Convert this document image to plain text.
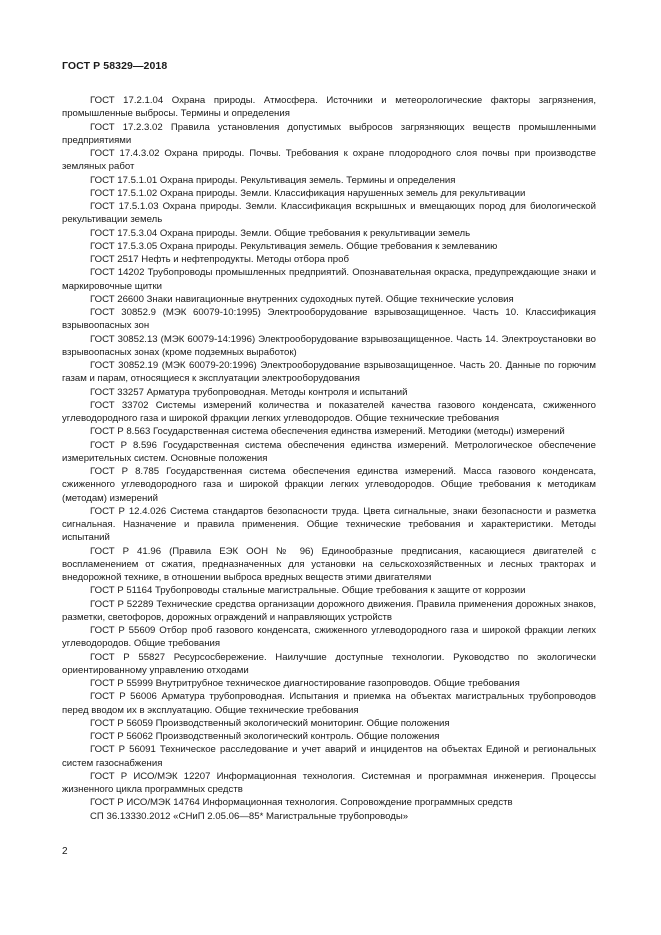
ГОСТ Р 58329—2018

ГОСТ 17.2.1.04 Охрана природы. Атмосфера. Источники и метеорологические факторы загрязнения, промышленные выбросы. Термины и определения

ГОСТ 17.2.3.02 Правила установления допустимых выбросов загрязняющих веществ промышленными предприятиями

ГОСТ 17.4.3.02 Охрана природы. Почвы. Требования к охране плодородного слоя почвы при производстве земляных работ

ГОСТ 17.5.1.01 Охрана природы. Рекультивация земель. Термины и определения

ГОСТ 17.5.1.02 Охрана природы. Земли. Классификация нарушенных земель для рекультивации

ГОСТ 17.5.1.03 Охрана природы. Земли. Классификация вскрышных и вмещающих пород для биологической рекультивации земель

ГОСТ 17.5.3.04 Охрана природы. Земли. Общие требования к рекультивации земель

ГОСТ 17.5.3.05 Охрана природы. Рекультивация земель. Общие требования к землеванию

ГОСТ 2517 Нефть и нефтепродукты. Методы отбора проб

ГОСТ 14202 Трубопроводы промышленных предприятий. Опознавательная окраска, предупреждающие знаки и маркировочные щитки

ГОСТ 26600 Знаки навигационные внутренних судоходных путей. Общие технические условия

ГОСТ 30852.9 (МЭК 60079-10:1995) Электрооборудование взрывозащищенное. Часть 10. Классификация взрывоопасных зон

ГОСТ 30852.13 (МЭК 60079-14:1996) Электрооборудование взрывозащищенное. Часть 14. Электроустановки во взрывоопасных зонах (кроме подземных выработок)

ГОСТ 30852.19 (МЭК 60079-20:1996) Электрооборудование взрывозащищенное. Часть 20. Данные по горючим газам и парам, относящиеся к эксплуатации электрооборудования

ГОСТ 33257 Арматура трубопроводная. Методы контроля и испытаний

ГОСТ 33702 Системы измерений количества и показателей качества газового конденсата, сжиженного углеводородного газа и широкой фракции легких углеводородов. Общие технические требования

ГОСТ Р 8.563 Государственная система обеспечения единства измерений. Методики (методы) измерений

ГОСТ Р 8.596 Государственная система обеспечения единства измерений. Метрологическое обеспечение измерительных систем. Основные положения

ГОСТ Р 8.785 Государственная система обеспечения единства измерений. Масса газового конденсата, сжиженного углеводородного газа и широкой фракции легких углеводородов. Общие требования к методикам (методам) измерений

ГОСТ Р 12.4.026 Система стандартов безопасности труда. Цвета сигнальные, знаки безопасности и разметка сигнальная. Назначение и правила применения. Общие технические требования и характеристики. Методы испытаний

ГОСТ Р 41.96 (Правила ЕЭК ООН № 96) Единообразные предписания, касающиеся двигателей с воспламенением от сжатия, предназначенных для установки на сельскохозяйственных и лесных тракторах и внедорожной технике, в отношении выброса вредных веществ этими двигателями

ГОСТ Р 51164 Трубопроводы стальные магистральные. Общие требования к защите от коррозии

ГОСТ Р 52289 Технические средства организации дорожного движения. Правила применения дорожных знаков, разметки, светофоров, дорожных ограждений и направляющих устройств

ГОСТ Р 55609 Отбор проб газового конденсата, сжиженного углеводородного газа и широкой фракции легких углеводородов. Общие требования

ГОСТ Р 55827 Ресурсосбережение. Наилучшие доступные технологии. Руководство по экологически ориентированному управлению отходами

ГОСТ Р 55999 Внутритрубное техническое диагностирование газопроводов. Общие требования

ГОСТ Р 56006 Арматура трубопроводная. Испытания и приемка на объектах магистральных трубопроводов перед вводом их в эксплуатацию. Общие технические требования

ГОСТ Р 56059 Производственный экологический мониторинг. Общие положения

ГОСТ Р 56062 Производственный экологический контроль. Общие положения

ГОСТ Р 56091 Техническое расследование и учет аварий и инцидентов на объектах Единой и региональных систем газоснабжения

ГОСТ Р ИСО/МЭК 12207 Информационная технология. Системная и программная инженерия. Процессы жизненного цикла программных средств

ГОСТ Р ИСО/МЭК 14764 Информационная технология. Сопровождение программных средств

СП 36.13330.2012 «СНиП 2.05.06—85* Магистральные трубопроводы»

2
